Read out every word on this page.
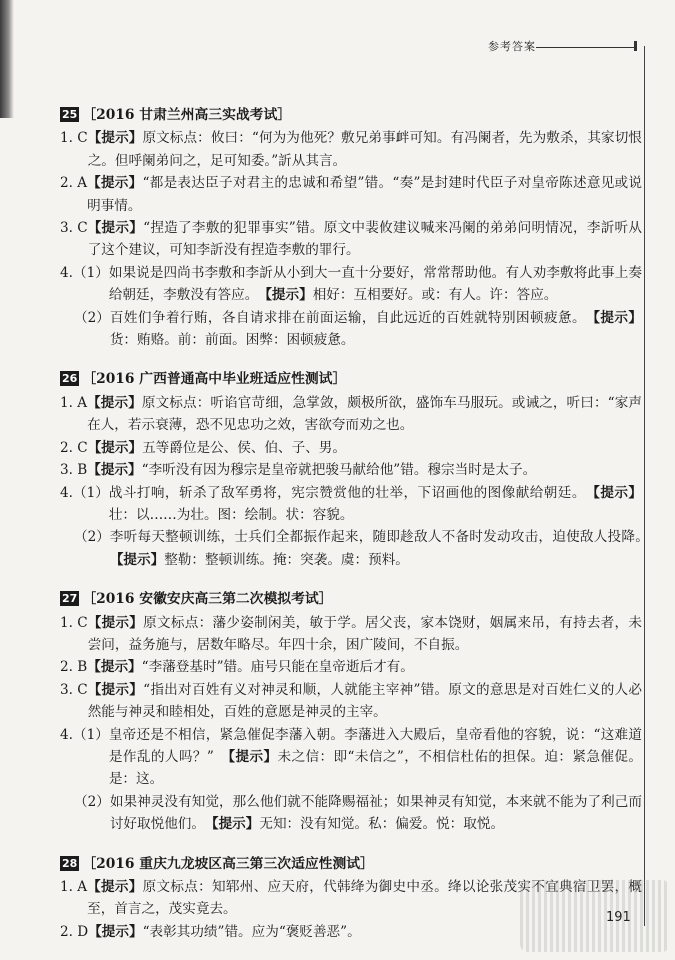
参考答案
25 ［2016 甘肃兰州高三实战考试］
1. C 【提示】原文标点：攸曰：“何为为他死？敷兄弟事衅可知。有冯阑者，先为敷杀，其家切恨之。但呼阑弟问之，足可知委。”訢从其言。
2. A 【提示】“都是表达臣子对君主的忠诚和希望”错。“奏”是封建时代臣子对皇帝陈述意见或说明事情。
3. C 【提示】“捏造了李敷的犯罪事实”错。原文中裴攸建议喊来冯阑的弟弟问明情况，李訢听从了这个建议，可知李訢没有捏造李敷的罪行。
4.（1） 如果说是四尚书李敷和李訢从小到大一直十分要好，常常帮助他。有人劝李敷将此事上奏给朝廷，李敷没有答应。　 【提示】相好：互相要好。或：有人。许：答应。
（2） 百姓们争着行贿，各自请求排在前面运输，自此远近的百姓就特别困顿疲惫。　 【提示】货：贿赂。前：前面。困弊：困顿疲惫。
26 ［2016 广西普通高中毕业班适应性测试］
1. A 【提示】原文标点：听谄官苛细，急掌敛，颇极所欲，盛饰车马服玩。或诫之，听曰：“家声在人，若示衰薄，恐不见忠功之效，害欲夸而劝之也。
2. C 【提示】五等爵位是公、侯、伯、子、男。
3. B 【提示】“李听没有因为穆宗是皇帝就把骏马献给他”错。穆宗当时是太子。
4.（1） 战斗打响，斩杀了敌军勇将，宪宗赞赏他的壮举，下诏画他的图像献给朝廷。　 【提示】壮：以……为壮。图：绘制。状：容貌。
（2） 李听每天整顿训练，士兵们全都振作起来，随即趁敌人不备时发动攻击，迫使敌人投降。　【提示】整勒：整顿训练。掩：突袭。虞：预料。
27 ［2016 安徽安庆高三第二次模拟考试］
1. C 【提示】原文标点：藩少姿制闲美，敏于学。居父丧，家本饶财，姻属来吊，有持去者，未尝问，益务施与，居数年略尽。年四十余，困广陵间，不自振。
2. B 【提示】“李藩登基时”错。庙号只能在皇帝逝后才有。
3. C 【提示】“指出对百姓有义对神灵和顺，人就能主宰神”错。原文的意思是对百姓仁义的人必然能与神灵和睦相处，百姓的意愿是神灵的主宰。
4.（1） 皇帝还是不相信，紧急催促李藩入朝。李藩进入大殿后，皇帝看他的容貌，说：“这难道是作乱的人吗？”　 【提示】未之信：即“未信之”，不相信杜佑的担保。迫：紧急催促。是：这。
（2） 如果神灵没有知觉，那么他们就不能降赐福祉；如果神灵有知觉，本来就不能为了利己而讨好取悦他们。　 【提示】无知：没有知觉。私：偏爱。悦：取悦。
28 ［2016 重庆九龙坡区高三第三次适应性测试］
1. A 【提示】原文标点：知郓州、应天府，代韩绛为御史中丞。绛以论张茂实不宜典宿卫罢，概至，首言之，茂实竟去。
2. D 【提示】“表彰其功绩”错。应为“褒贬善恶”。
191
